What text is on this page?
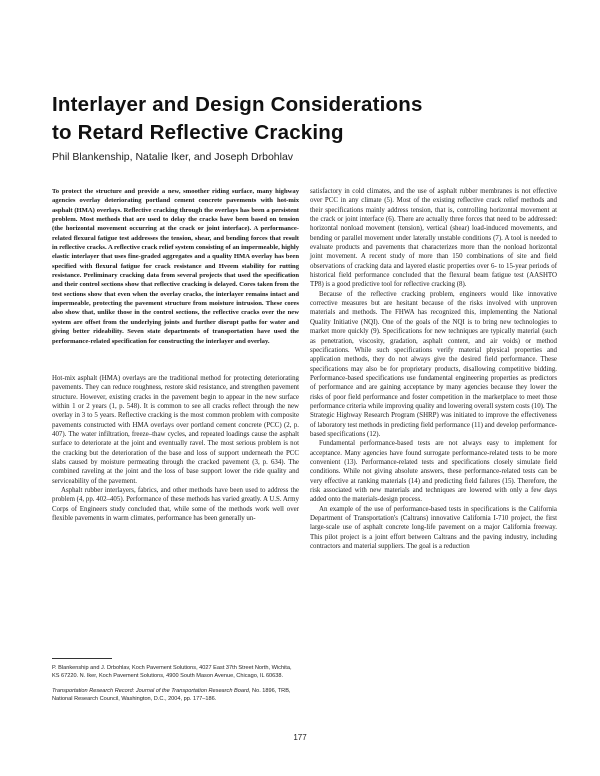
Interlayer and Design Considerations
to Retard Reflective Cracking

Phil Blankenship, Natalie Iker, and Joseph Drbohlav

To protect the structure and provide a new, smoother riding surface, many highway agencies overlay deteriorating portland cement concrete pavements with hot-mix asphalt (HMA) overlays. Reflective cracking through the overlays has been a persistent problem. Most methods that are used to delay the cracks have been based on tension (the horizontal movement occurring at the crack or joint interface). A performance-related flexural fatigue test addresses the tension, shear, and bending forces that result in reflective cracks. A reflective crack relief system consisting of an impermeable, highly elastic interlayer that uses fine-graded aggregates and a quality HMA overlay has been specified with flexural fatigue for crack resistance and Hveem stability for rutting resistance. Preliminary cracking data from several projects that used the specification and their control sections show that reflective cracking is delayed. Cores taken from the test sections show that even when the overlay cracks, the interlayer remains intact and impermeable, protecting the pavement structure from moisture intrusion. These cores also show that, unlike those in the control sections, the reflective cracks over the new system are offset from the underlying joints and further disrupt paths for water and giving better rideability. Seven state departments of transportation have used the performance-related specification for constructing the interlayer and overlay.

Hot-mix asphalt (HMA) overlays are the traditional method for protecting deteriorating pavements. They can reduce roughness, restore skid resistance, and strengthen pavement structure. However, existing cracks in the pavement begin to appear in the new surface within 1 or 2 years (1, p. 548). It is common to see all cracks reflect through the new overlay in 3 to 5 years. Reflective cracking is the most common problem with composite pavements constructed with HMA overlays over portland cement concrete (PCC) (2, p. 407). The water infiltration, freeze–thaw cycles, and repeated loadings cause the asphalt surface to deteriorate at the joint and eventually ravel. The most serious problem is not the cracking but the deterioration of the base and loss of support underneath the PCC slabs caused by moisture permeating through the cracked pavement (3, p. 634). The combined raveling at the joint and the loss of base support lower the ride quality and serviceability of the pavement.

Asphalt rubber interlayers, fabrics, and other methods have been used to address the problem (4, pp. 402–405). Performance of these methods has varied greatly. A U.S. Army Corps of Engineers study concluded that, while some of the methods work well over flexible pavements in warm climates, performance has been generally un-

P. Blankenship and J. Drbohlav, Koch Pavement Solutions, 4027 East 37th Street North, Wichita, KS 67220. N. Iker, Koch Pavement Solutions, 4900 South Mason Avenue, Chicago, IL 60638.

Transportation Research Record: Journal of the Transportation Research Board, No. 1896, TRB, National Research Council, Washington, D.C., 2004, pp. 177–186.

satisfactory in cold climates, and the use of asphalt rubber membranes is not effective over PCC in any climate (5). Most of the existing reflective crack relief methods and their specifications mainly address tension, that is, controlling horizontal movement at the crack or joint interface (6). There are actually three forces that need to be addressed: horizontal nonload movement (tension), vertical (shear) load-induced movements, and bending or parallel movement under laterally unstable conditions (7). A tool is needed to evaluate products and pavements that characterizes more than the nonload horizontal joint movement. A recent study of more than 150 combinations of site and field observations of cracking data and layered elastic properties over 6- to 15-year periods of historical field performance concluded that the flexural beam fatigue test (AASHTO TP8) is a good predictive tool for reflective cracking (8).

Because of the reflective cracking problem, engineers would like innovative corrective measures but are hesitant because of the risks involved with unproven materials and methods. The FHWA has recognized this, implementing the National Quality Initiative (NQI). One of the goals of the NQI is to bring new technologies to market more quickly (9). Specifications for new techniques are typically material (such as penetration, viscosity, gradation, asphalt content, and air voids) or method specifications. While such specifications verify material physical properties and application methods, they do not always give the desired field performance. These specifications may also be for proprietary products, disallowing competitive bidding. Performance-based specifications use fundamental engineering properties as predictors of performance and are gaining acceptance by many agencies because they lower the risks of poor field performance and foster competition in the marketplace to meet those performance criteria while improving quality and lowering overall system costs (10). The Strategic Highway Research Program (SHRP) was initiated to improve the effectiveness of laboratory test methods in predicting field performance (11) and develop performance-based specifications (12).

Fundamental performance-based tests are not always easy to implement for acceptance. Many agencies have found surrogate performance-related tests to be more convenient (13). Performance-related tests and specifications closely simulate field conditions. While not giving absolute answers, these performance-related tests can be very effective at ranking materials (14) and predicting field failures (15). Therefore, the risk associated with new materials and techniques are lowered with only a few days added onto the materials-design process.

An example of the use of performance-based tests in specifications is the California Department of Transportation's (Caltrans) innovative California I-710 project, the first large-scale use of asphalt concrete long-life pavement on a major California freeway. This pilot project is a joint effort between Caltrans and the paving industry, including contractors and material suppliers. The goal is a reduction

177
